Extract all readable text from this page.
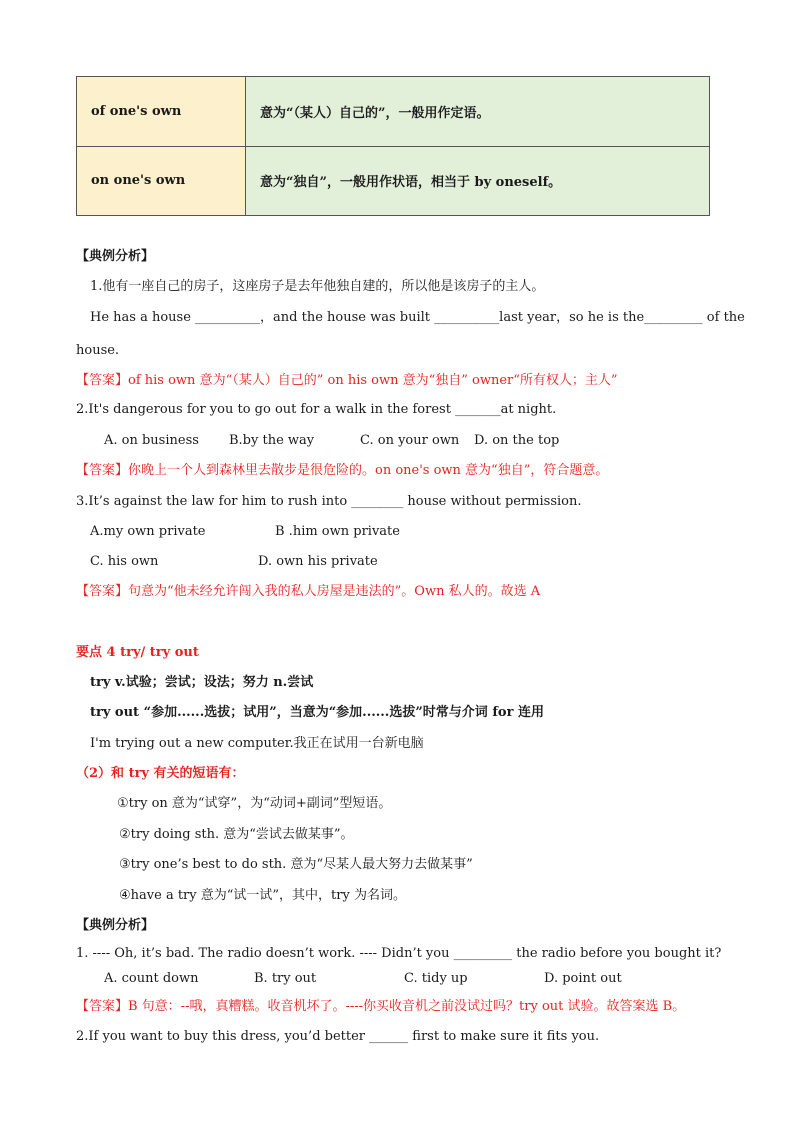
of one's own	意为“（某人）自己的”，一般用作定语。
on one's own	意为“独自”，一般用作状语，相当于 by oneself。
【典例分析】
1.他有一座自己的房子，这座房子是去年他独自建的，所以他是该房子的主人。
He has a house __________，and the house was built __________last year，so he is the_________ of the
house.
【答案】of his own 意为“（某人）自己的” on his own 意为“独自” owner“所有权人；主人”
2.It's dangerous for you to go out for a walk in the forest _______at night.
A. on business B.by the way	C. on your own D. on the top
【答案】你晚上一个人到森林里去散步是很危险的。on one's own 意为“独自”，符合题意。
3.It’s against the law for him to rush into ________ house without permission.
A.my own private	B .him own private
C. his own	D. own his private
【答案】句意为“他未经允许闯入我的私人房屋是违法的”。Own 私人的。故选 A
要点 4 try/ try out
try v.试验；尝试；设法；努力 n.尝试
try out “参加......选拔；试用”，当意为“参加......选拔”时常与介词 for 连用
I'm trying out a new computer.我正在试用一台新电脑
（2）和 try 有关的短语有：
①try on 意为“试穿”，为“动词+副词”型短语。
②try doing sth. 意为“尝试去做某事”。
③try one’s best to do sth. 意为“尽某人最大努力去做某事”
④have a try 意为“试一试”，其中，try 为名词。
【典例分析】
1. ---- Oh, it’s bad. The radio doesn’t work. ---- Didn’t you _________ the radio before you bought it?
A. count down	B. try out	C. tidy up	D. point out
【答案】B 句意：--哦，真糟糕。收音机坏了。----你买收音机之前没试过吗？try out 试验。故答案选 B。
2.If you want to buy this dress, you’d better ______ first to make sure it fits you.
